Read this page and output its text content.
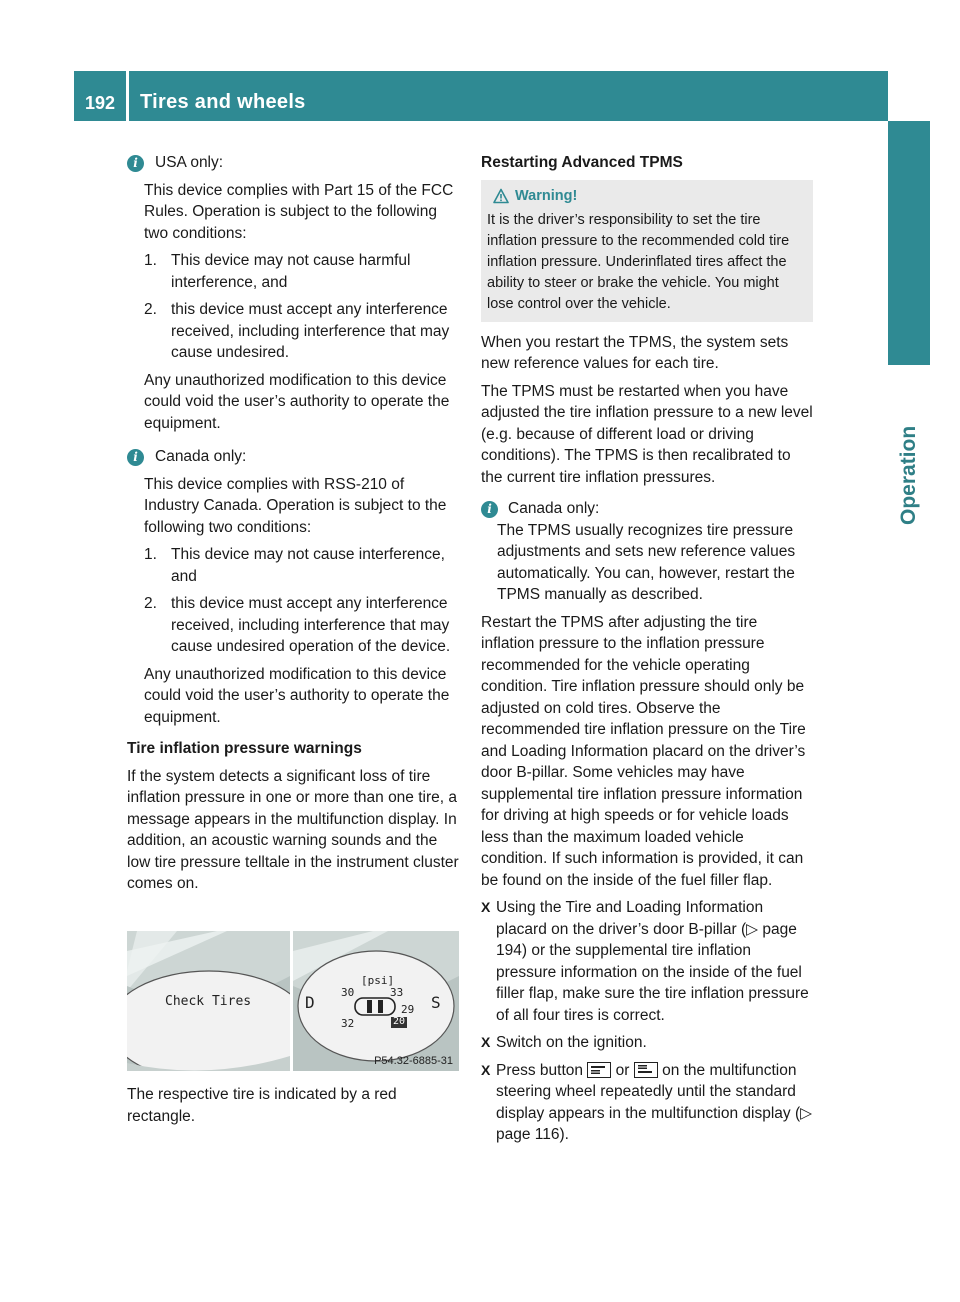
192	Tires and wheels
Operation

i USA only:

This device complies with Part 15 of the FCC Rules. Operation is subject to the following two conditions:

1. This device may not cause harmful interference, and
2. this device must accept any interference received, including interference that may cause undesired.

Any unauthorized modification to this device could void the user’s authority to operate the equipment.

i Canada only:

This device complies with RSS-210 of Industry Canada. Operation is subject to the following two conditions:

1. This device may not cause interference, and
2. this device must accept any interference received, including interference that may cause undesired operation of the device.

Any unauthorized modification to this device could void the user’s authority to operate the equipment.

Tire inflation pressure warnings

If the system detects a significant loss of tire inflation pressure in one or more than one tire, a message appears in the multifunction display. In addition, an acoustic warning sounds and the low tire pressure telltale in the instrument cluster comes on.

Check Tires
[psi]
D	S
30	33
32
29
20
P54.32-6885-31
The respective tire is indicated by a red rectangle.

Restarting Advanced TPMS

Warning!
It is the driver’s responsibility to set the tire inflation pressure to the recommended cold tire inflation pressure. Underinflated tires affect the ability to steer or brake the vehicle. You might lose control over the vehicle.

When you restart the TPMS, the system sets new reference values for each tire.

The TPMS must be restarted when you have adjusted the tire inflation pressure to a new level (e.g. because of different load or driving conditions). The TPMS is then recalibrated to the current tire inflation pressures.

i Canada only:

The TPMS usually recognizes tire pressure adjustments and sets new reference values automatically. You can, however, restart the TPMS manually as described.

Restart the TPMS after adjusting the tire inflation pressure to the inflation pressure recommended for the vehicle operating condition. Tire inflation pressure should only be adjusted on cold tires. Observe the recommended tire inflation pressure on the Tire and Loading Information placard on the driver’s door B-pillar. Some vehicles may have supplemental tire inflation pressure information for driving at high speeds or for vehicle loads less than the maximum loaded vehicle condition. If such information is provided, it can be found on the inside of the fuel filler flap.

X Using the Tire and Loading Information placard on the driver’s door B-pillar (▷ page 194) or the supplemental tire inflation pressure information on the inside of the fuel filler flap, make sure the tire inflation pressure of all four tires is correct.
X Switch on the ignition.
X Press button or on the multifunction steering wheel repeatedly until the standard display appears in the multifunction display (▷ page 116).
